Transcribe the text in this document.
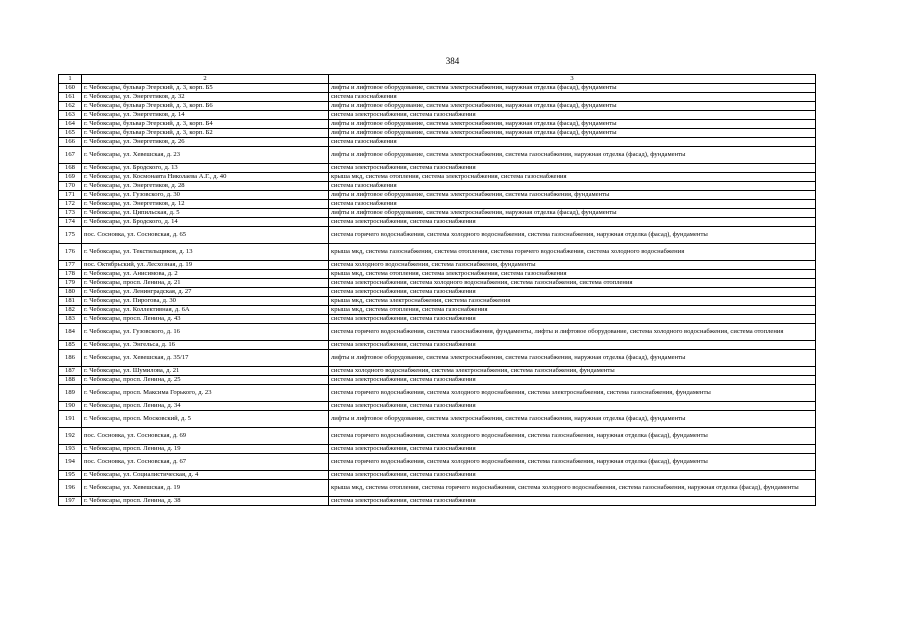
384
1	2	3
160	г. Чебоксары, бульвар Эгерский, д. 3, корп. Б5	лифты и лифтовое оборудование, система электроснабжения, наружная отделка (фасад), фундаменты
161	г. Чебоксары, ул. Энергетиков, д. 32	система газоснабжения
162	г. Чебоксары, бульвар Эгерский, д. 3, корп. Б6	лифты и лифтовое оборудование, система электроснабжения, наружная отделка (фасад), фундаменты
163	г. Чебоксары, ул. Энергетиков, д. 14	система электроснабжения, система газоснабжения
164	г. Чебоксары, бульвар Эгерский, д. 3, корп. Б4	лифты и лифтовое оборудование, система электроснабжения, наружная отделка (фасад), фундаменты
165	г. Чебоксары, бульвар Эгерский, д. 3, корп. Б2	лифты и лифтовое оборудование, система электроснабжения, наружная отделка (фасад), фундаменты
166	г. Чебоксары, ул. Энергетиков, д. 26	система газоснабжения
167	г. Чебоксары, ул. Хевешская, д. 23	лифты и лифтовое оборудование, система электроснабжения, система газоснабжения, наружная отделка (фасад), фундаменты
168	г. Чебоксары, ул. Бродского, д. 13	система электроснабжения, система газоснабжения
169	г. Чебоксары, ул. Космонавта Николаева А.Г., д. 40	крыша мкд, система отопления, система электроснабжения, система газоснабжения
170	г. Чебоксары, ул. Энергетиков, д. 28	система газоснабжения
171	г. Чебоксары, ул. Гузовского, д. 30	лифты и лифтовое оборудование, система электроснабжения, система газоснабжения, фундаменты
172	г. Чебоксары, ул. Энергетиков, д. 12	система газоснабжения
173	г. Чебоксары, ул. Ципильская, д. 5	лифты и лифтовое оборудование, система электроснабжения, наружная отделка (фасад), фундаменты
174	г. Чебоксары, ул. Бродского, д. 14	система электроснабжения, система газоснабжения
175	пос. Сосновка, ул. Сосновская, д. 65	система горячего водоснабжения, система холодного водоснабжения, система газоснабжения, наружная отделка (фасад), фундаменты
176	г. Чебоксары, ул. Текстильщиков, д. 13	крыша мкд, система газоснабжения, система отопления, система горячего водоснабжения, система холодного водоснабжения
177	пос. Октябрьский, ул. Лесхозная, д. 19	система холодного водоснабжения, система газоснабжения, фундаменты
178	г. Чебоксары, ул. Анисимова, д. 2	крыша мкд, система отопления, система электроснабжения, система газоснабжения
179	г. Чебоксары, просп. Ленина, д. 21	система электроснабжения, система холодного водоснабжения, система газоснабжения, система отопления
180	г. Чебоксары, ул. Ленинградская, д. 27	система электроснабжения, система газоснабжения
181	г. Чебоксары, ул. Пирогова, д. 30	крыша мкд, система электроснабжения, система газоснабжения
182	г. Чебоксары, ул. Коллективная, д. 6А	крыша мкд, система отопления, система газоснабжения
183	г. Чебоксары, просп. Ленина, д. 43	система электроснабжения, система газоснабжения
184	г. Чебоксары, ул. Гузовского, д. 16	система горячего водоснабжения, система газоснабжения, фундаменты, лифты и лифтовое оборудование, система холодного водоснабжения, система отопления
185	г. Чебоксары, ул. Энгельса, д. 16	система электроснабжения, система газоснабжения
186	г. Чебоксары, ул. Хевешская, д. 35/17	лифты и лифтовое оборудование, система электроснабжения, система газоснабжения, наружная отделка (фасад), фундаменты
187	г. Чебоксары, ул. Шумилова, д. 21	система холодного водоснабжения, система электроснабжения, система газоснабжения, фундаменты
188	г. Чебоксары, просп. Ленина, д. 25	система электроснабжения, система газоснабжения
189	г. Чебоксары, просп. Максима Горького, д. 23	система горячего водоснабжения, система холодного водоснабжения, система электроснабжения, система газоснабжения, фундаменты
190	г. Чебоксары, просп. Ленина, д. 34	система электроснабжения, система газоснабжения
191	г. Чебоксары, просп. Московский, д. 5	лифты и лифтовое оборудование, система электроснабжения, система газоснабжения, наружная отделка (фасад), фундаменты
192	пос. Сосновка, ул. Сосновская, д. 69	система горячего водоснабжения, система холодного водоснабжения, система газоснабжения, наружная отделка (фасад), фундаменты
193	г. Чебоксары, просп. Ленина, д. 19	система электроснабжения, система газоснабжения
194	пос. Сосновка, ул. Сосновская, д. 67	система горячего водоснабжения, система холодного водоснабжения, система газоснабжения, наружная отделка (фасад), фундаменты
195	г. Чебоксары, ул. Социалистическая, д. 4	система электроснабжения, система газоснабжения
196	г. Чебоксары, ул. Хевешская, д. 19	крыша мкд, система отопления, система горячего водоснабжения, система холодного водоснабжения, система газоснабжения, наружная отделка (фасад), фундаменты
197	г. Чебоксары, просп. Ленина, д. 38	система электроснабжения, система газоснабжения
